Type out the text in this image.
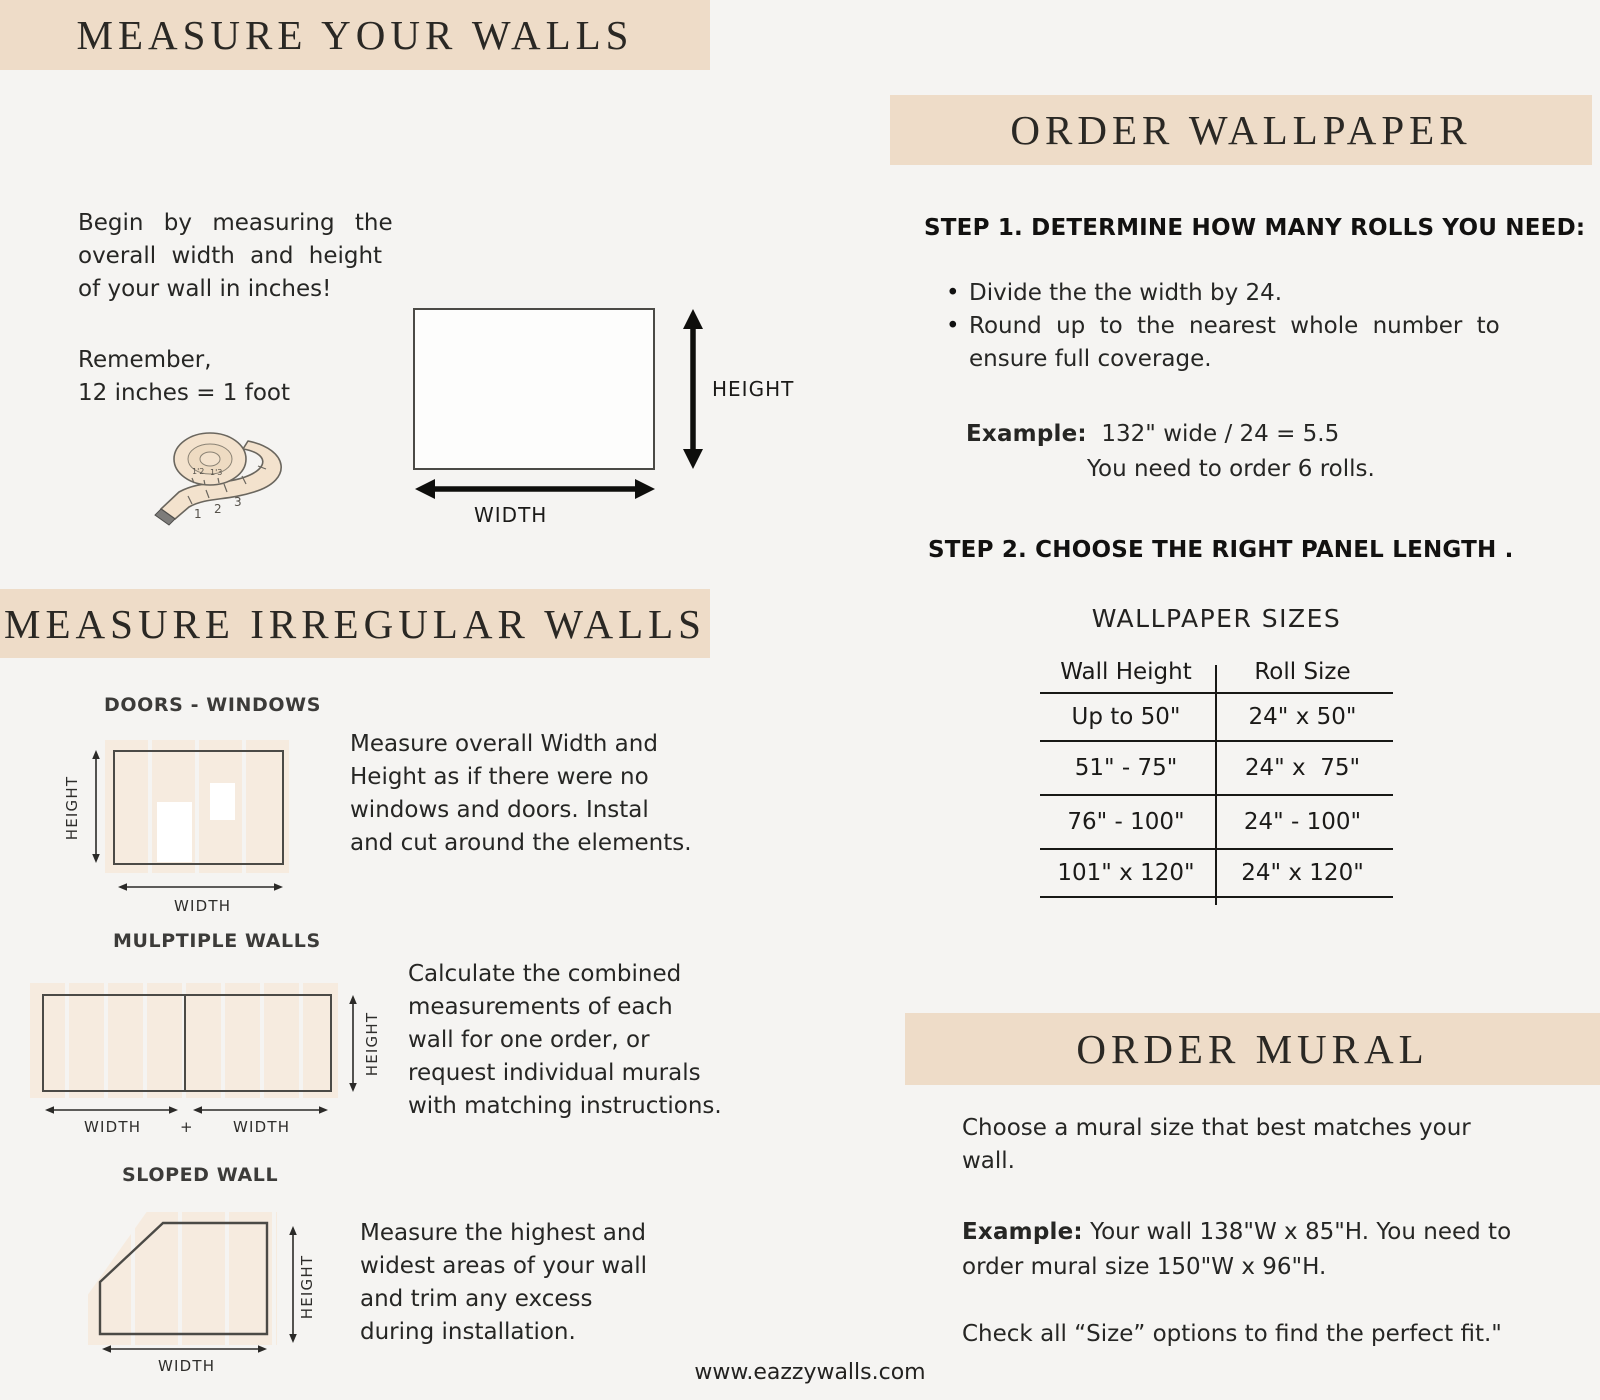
MEASURE YOUR WALLS
Begin by measuring the
overall width and height
of your wall in inches!
Remember,
12 inches = 1 foot
1 2 3
1'2 1'3
HEIGHT
WIDTH
MEASURE IRREGULAR WALLS
DOORS - WINDOWS
HEIGHT
WIDTH
Measure overall Width and
Height as if there were no
windows and doors. Instal
and cut around the elements.
MULPTIPLE WALLS
HEIGHT
WIDTH	+	WIDTH
Calculate the combined
measurements of each
wall for one order, or
request individual murals
with matching instructions.
SLOPED WALL
HEIGHT
WIDTH
Measure the highest and
widest areas of your wall
and trim any excess
during installation.
ORDER WALLPAPER
STEP 1. DETERMINE HOW MANY ROLLS YOU NEED:
• Divide the the width by 24.
• Round up to the nearest whole number to
ensure full coverage.
Example: 132" wide / 24 = 5.5
You need to order 6 rolls.
STEP 2. CHOOSE THE RIGHT PANEL LENGTH .
WALLPAPER SIZES
Wall Height	Roll Size
Up to 50"	24" x 50"
51" - 75"	24" x  75"
76" - 100"	24" - 100"
101" x 120"	24" x 120"
ORDER MURAL
Choose a mural size that best matches your
wall.
Example: Your wall 138"W x 85"H. You need to
order mural size 150"W x 96"H.
Check all “Size” options to find the perfect fit."
www.eazzywalls.com
